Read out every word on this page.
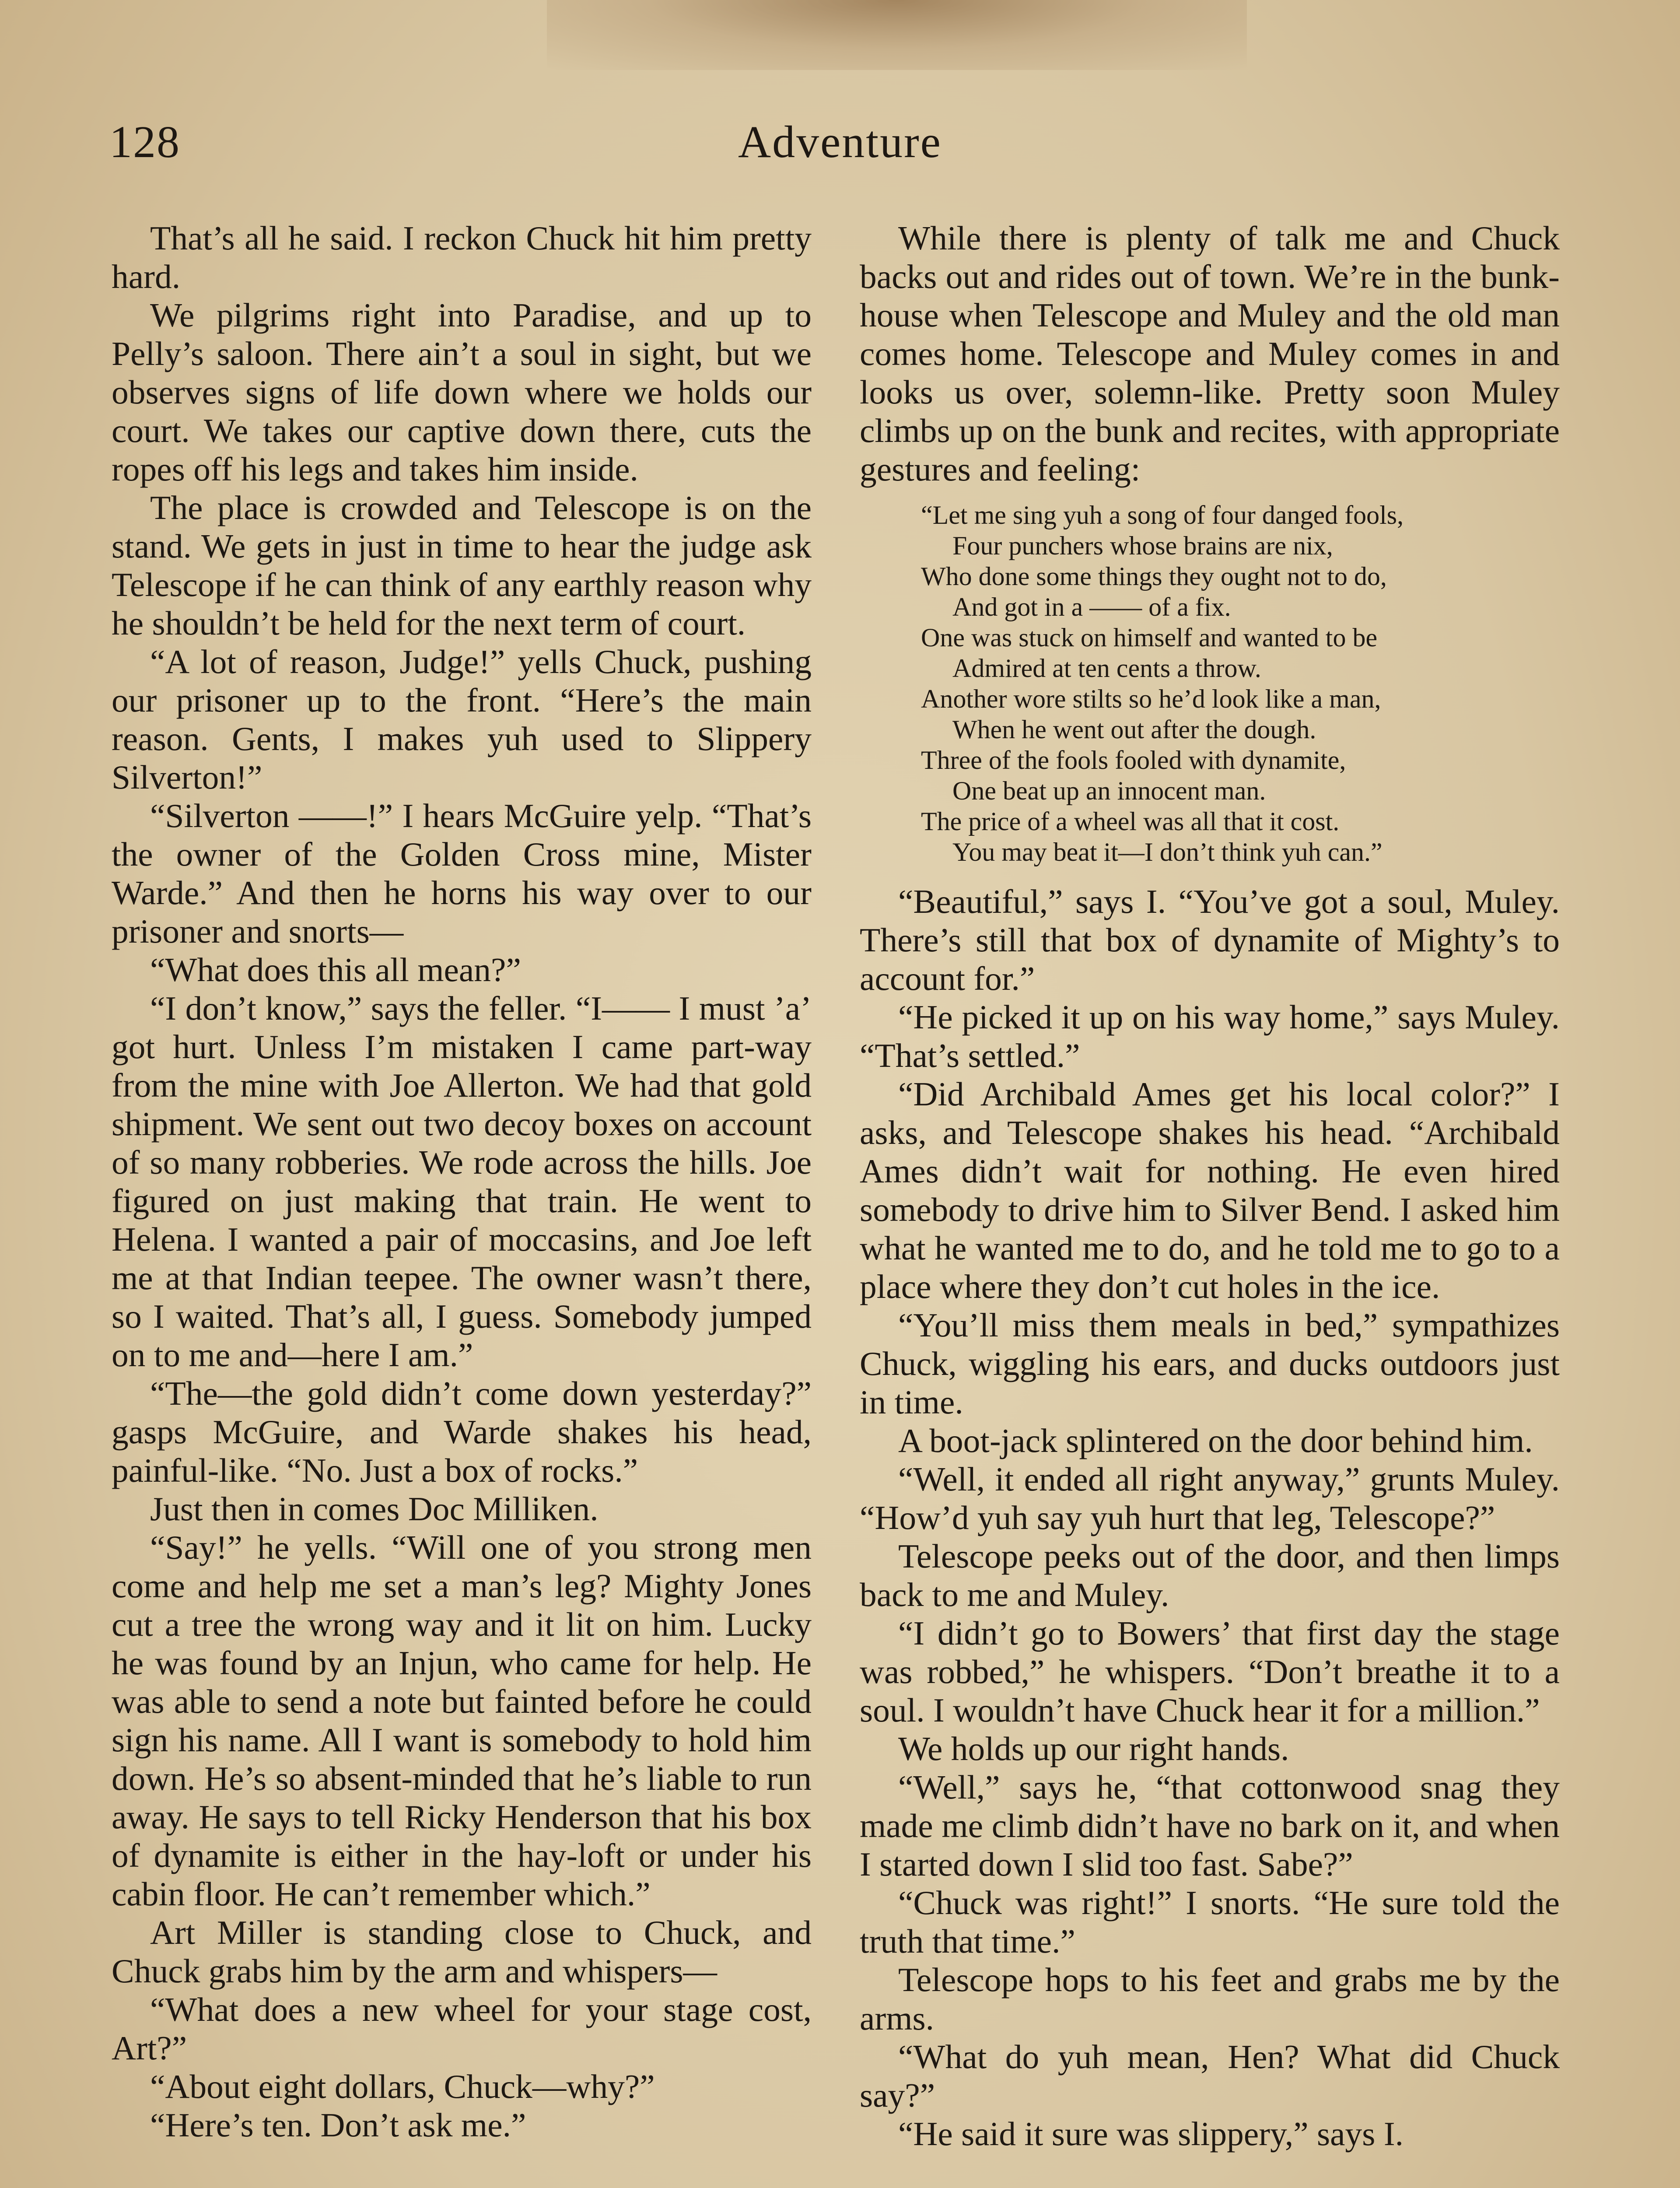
Adventure
128

That’s all he said. I reckon Chuck hit him pretty hard.

We pilgrims right into Paradise, and up to Pelly’s saloon. There ain’t a soul in sight, but we observes signs of life down where we holds our court. We takes our captive down there, cuts the ropes off his legs and takes him inside.

The place is crowded and Telescope is on the stand. We gets in just in time to hear the judge ask Telescope if he can think of any earthly reason why he shouldn’t be held for the next term of court.

“A lot of reason, Judge!” yells Chuck, pushing our prisoner up to the front. “Here’s the main reason. Gents, I makes yuh used to Slippery Silverton!”

“Silverton ——!” I hears McGuire yelp. “That’s the owner of the Golden Cross mine, Mister Warde.” And then he horns his way over to our prisoner and snorts—

“What does this all mean?”

“I don’t know,” says the feller. “I—— I must ’a’ got hurt. Unless I’m mistaken I came part-way from the mine with Joe Allerton. We had that gold shipment. We sent out two decoy boxes on account of so many robberies. We rode across the hills. Joe figured on just making that train. He went to Helena. I wanted a pair of moccasins, and Joe left me at that Indian teepee. The owner wasn’t there, so I waited. That’s all, I guess. Somebody jumped on to me and—here I am.”

“The—the gold didn’t come down yesterday?” gasps McGuire, and Warde shakes his head, painful-like. “No. Just a box of rocks.”

Just then in comes Doc Milliken.

“Say!” he yells. “Will one of you strong men come and help me set a man’s leg? Mighty Jones cut a tree the wrong way and it lit on him. Lucky he was found by an Injun, who came for help. He was able to send a note but fainted before he could sign his name. All I want is somebody to hold him down. He’s so absent-minded that he’s liable to run away. He says to tell Ricky Henderson that his box of dynamite is either in the hay-loft or under his cabin floor. He can’t remember which.”

Art Miller is standing close to Chuck, and Chuck grabs him by the arm and whispers—

“What does a new wheel for your stage cost, Art?”

“About eight dollars, Chuck—why?”

“Here’s ten. Don’t ask me.”

While there is plenty of talk me and Chuck backs out and rides out of town. We’re in the bunk-house when Telescope and Muley and the old man comes home. Telescope and Muley comes in and looks us over, solemn-like. Pretty soon Muley climbs up on the bunk and recites, with appropriate gestures and feeling:

“Let me sing yuh a song of four danged fools,
Four punchers whose brains are nix,
Who done some things they ought not to do,
And got in a —— of a fix.
One was stuck on himself and wanted to be
Admired at ten cents a throw.
Another wore stilts so he’d look like a man,
When he went out after the dough.
Three of the fools fooled with dynamite,
One beat up an innocent man.
The price of a wheel was all that it cost.
You may beat it—I don’t think yuh can.”

“Beautiful,” says I. “You’ve got a soul, Muley. There’s still that box of dynamite of Mighty’s to account for.”

“He picked it up on his way home,” says Muley. “That’s settled.”

“Did Archibald Ames get his local color?” I asks, and Telescope shakes his head. “Archibald Ames didn’t wait for nothing. He even hired somebody to drive him to Silver Bend. I asked him what he wanted me to do, and he told me to go to a place where they don’t cut holes in the ice.

“You’ll miss them meals in bed,” sympathizes Chuck, wiggling his ears, and ducks outdoors just in time.

A boot-jack splintered on the door behind him.

“Well, it ended all right anyway,” grunts Muley. “How’d yuh say yuh hurt that leg, Telescope?”

Telescope peeks out of the door, and then limps back to me and Muley.

“I didn’t go to Bowers’ that first day the stage was robbed,” he whispers. “Don’t breathe it to a soul. I wouldn’t have Chuck hear it for a million.”

We holds up our right hands.

“Well,” says he, “that cottonwood snag they made me climb didn’t have no bark on it, and when I started down I slid too fast. Sabe?”

“Chuck was right!” I snorts. “He sure told the truth that time.”

Telescope hops to his feet and grabs me by the arms.

“What do yuh mean, Hen? What did Chuck say?”

“He said it sure was slippery,” says I.
